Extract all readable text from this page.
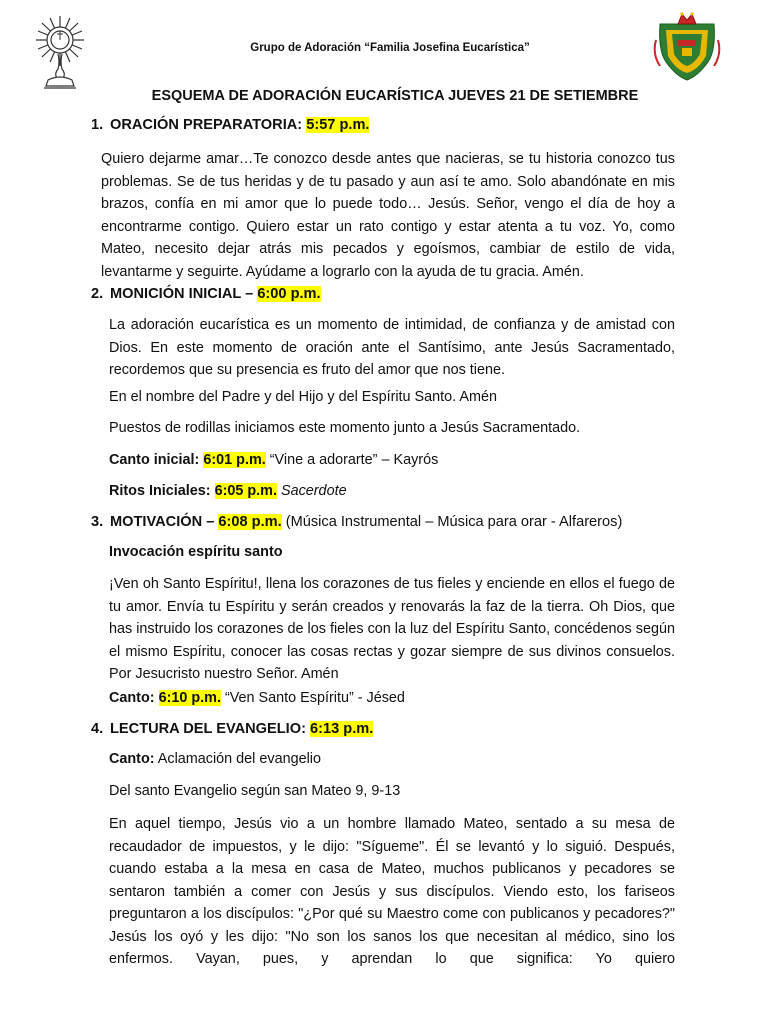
Grupo de Adoración “Familia Josefina Eucarística”
ESQUEMA DE ADORACIÓN EUCARÍSTICA JUEVES 21 DE SETIEMBRE
1. ORACIÓN PREPARATORIA: 5:57 p.m.
Quiero dejarme amar…Te conozco desde antes que nacieras, se tu historia conozco tus problemas. Se de tus heridas y de tu pasado y aun así te amo. Solo abandónate en mis brazos, confía en mi amor que lo puede todo… Jesús. Señor, vengo el día de hoy a encontrarme contigo. Quiero estar un rato contigo y estar atenta a tu voz. Yo, como Mateo, necesito dejar atrás mis pecados y egoísmos, cambiar de estilo de vida, levantarme y seguirte. Ayúdame a lograrlo con la ayuda de tu gracia. Amén.
2. MONICIÓN INICIAL – 6:00 p.m.
La adoración eucarística es un momento de intimidad, de confianza y de amistad con Dios. En este momento de oración ante el Santísimo, ante Jesús Sacramentado, recordemos que su presencia es fruto del amor que nos tiene.
En el nombre del Padre y del Hijo y del Espíritu Santo. Amén
Puestos de rodillas iniciamos este momento junto a Jesús Sacramentado.
Canto inicial: 6:01 p.m. “Vine a adorarte” – Kayrós
Ritos Iniciales: 6:05 p.m. Sacerdote
3. MOTIVACIÓN – 6:08 p.m. (Música Instrumental – Música para orar - Alfareros)
Invocación espíritu santo
¡Ven oh Santo Espíritu!, llena los corazones de tus fieles y enciende en ellos el fuego de tu amor. Envía tu Espíritu y serán creados y renovarás la faz de la tierra. Oh Dios, que has instruido los corazones de los fieles con la luz del Espíritu Santo, concédenos según el mismo Espíritu, conocer las cosas rectas y gozar siempre de sus divinos consuelos. Por Jesucristo nuestro Señor. Amén
Canto: 6:10 p.m. “Ven Santo Espíritu” - Jésed
4. LECTURA DEL EVANGELIO: 6:13 p.m.
Canto: Aclamación del evangelio
Del santo Evangelio según san Mateo 9, 9-13
En aquel tiempo, Jesús vio a un hombre llamado Mateo, sentado a su mesa de recaudador de impuestos, y le dijo: "Sígueme". Él se levantó y lo siguió. Después, cuando estaba a la mesa en casa de Mateo, muchos publicanos y pecadores se sentaron también a comer con Jesús y sus discípulos. Viendo esto, los fariseos preguntaron a los discípulos: "¿Por qué su Maestro come con publicanos y pecadores?" Jesús los oyó y les dijo: "No son los sanos los que necesitan al médico, sino los enfermos. Vayan, pues, y aprendan lo que significa: Yo quiero
